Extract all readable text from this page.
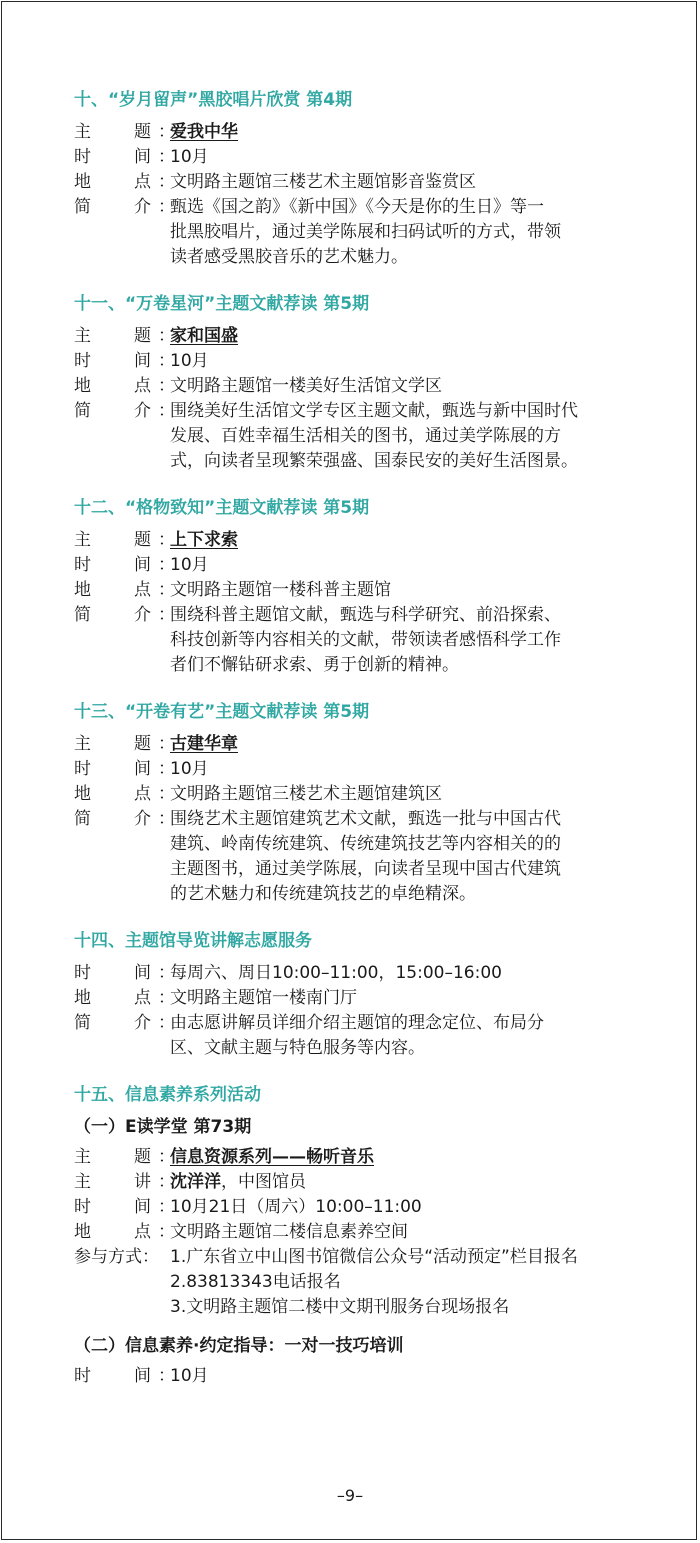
十、“岁月留声”黑胶唱片欣赏 第4期
主	题 ：
爱我中华
时	间 ：
10月
地	点 ：
文明路主题馆三楼艺术主题馆影音鉴赏区
简	介 ：
甄选《国之韵》《新中国》《今天是你的生日》等一
批黑胶唱片，通过美学陈展和扫码试听的方式，带领
读者感受黑胶音乐的艺术魅力。
十一、“万卷星河”主题文献荐读 第5期
主	题 ：
家和国盛
时	间 ：
10月
地	点 ：
文明路主题馆一楼美好生活馆文学区
简	介 ：
围绕美好生活馆文学专区主题文献，甄选与新中国时代
发展、百姓幸福生活相关的图书，通过美学陈展的方
式，向读者呈现繁荣强盛、国泰民安的美好生活图景。
十二、“格物致知”主题文献荐读 第5期
主	题 ：
上下求索
时	间 ：
10月
地	点 ：
文明路主题馆一楼科普主题馆
简	介 ：
围绕科普主题馆文献，甄选与科学研究、前沿探索、
科技创新等内容相关的文献，带领读者感悟科学工作
者们不懈钻研求索、勇于创新的精神。
十三、“开卷有艺”主题文献荐读 第5期
主	题 ：
古建华章
时	间 ：
10月
地	点 ：
文明路主题馆三楼艺术主题馆建筑区
简	介 ：
围绕艺术主题馆建筑艺术文献，甄选一批与中国古代
建筑、岭南传统建筑、传统建筑技艺等内容相关的的
主题图书，通过美学陈展，向读者呈现中国古代建筑
的艺术魅力和传统建筑技艺的卓绝精深。
十四、主题馆导览讲解志愿服务
时	间 ：
每周六、周日10:00–11:00，15:00–16:00
地	点 ：
文明路主题馆一楼南门厅
简	介 ：
由志愿讲解员详细介绍主题馆的理念定位、布局分
区、文献主题与特色服务等内容。
十五、信息素养系列活动
（一）E读学堂 第73期
主	题 ：
信息资源系列——畅听音乐
主	讲 ：
沈洋洋，中图馆员
时	间 ：
10月21日（周六）10:00–11:00
地	点 ：
文明路主题馆二楼信息素养空间
参与方式： 1.广东省立中山图书馆微信公众号“活动预定”栏目报名
2.83813343电话报名
3.文明路主题馆二楼中文期刊服务台现场报名
（二）信息素养·约定指导：一对一技巧培训
时	间 ：
10月
–9–
